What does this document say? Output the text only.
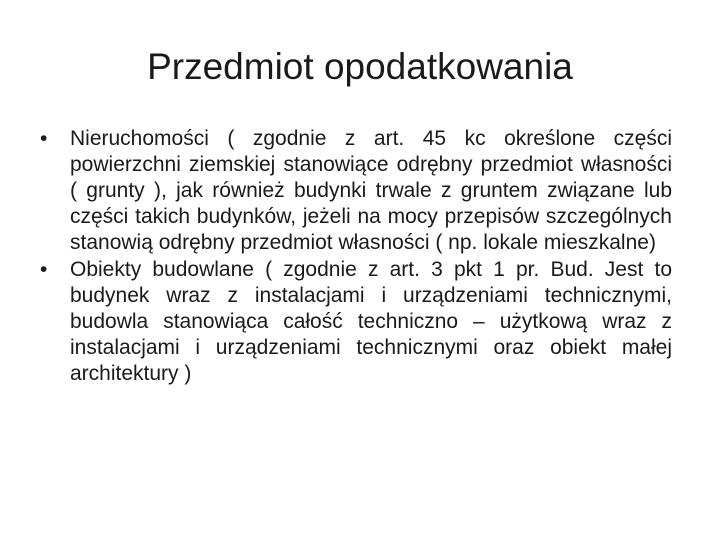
Przedmiot opodatkowania
•	Nieruchomości ( zgodnie z art. 45 kc określone części powierzchni ziemskiej stanowiące odrębny przedmiot własności ( grunty ), jak również budynki trwale z gruntem związane lub części takich budynków, jeżeli na mocy przepisów szczególnych stanowią odrębny przedmiot własności ( np. lokale mieszkalne)
•	Obiekty budowlane ( zgodnie z art. 3 pkt 1 pr. Bud. Jest to budynek wraz z instalacjami i urządzeniami technicznymi, budowla stanowiąca całość techniczno – użytkową wraz z instalacjami i urządzeniami technicznymi oraz obiekt małej architektury )
